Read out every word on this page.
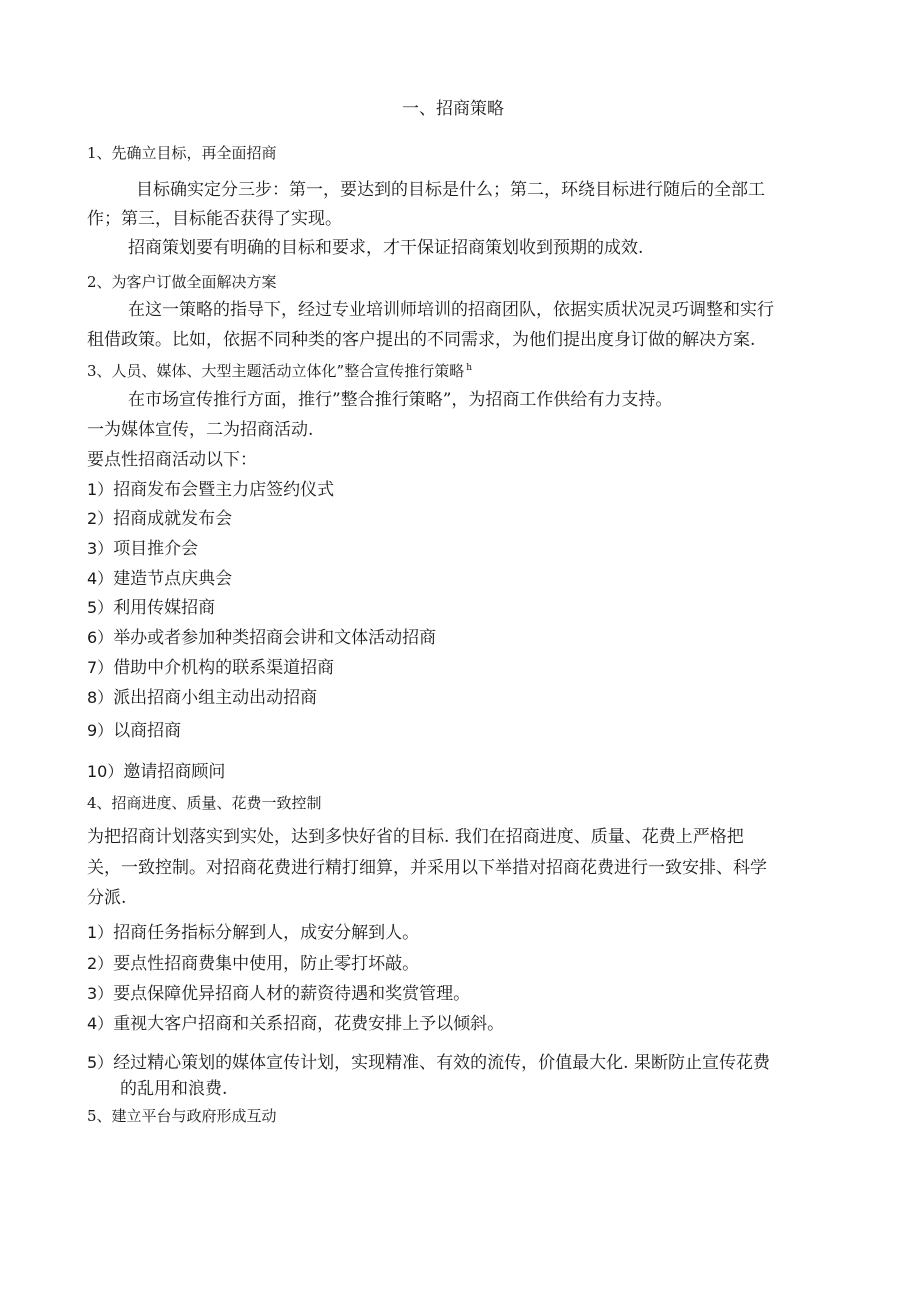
一、招商策略
1、先确立目标，再全面招商
目标确实定分三步：第一，要达到的目标是什么；第二，环绕目标进行随后的全部工
作；第三，目标能否获得了实现。
招商策划要有明确的目标和要求，才干保证招商策划收到预期的成效.
2、为客户订做全面解决方案
在这一策略的指导下，经过专业培训师培训的招商团队，依据实质状况灵巧调整和实行
租借政策。比如，依据不同种类的客户提出的不同需求，为他们提出度身订做的解决方案.
3、人员、媒体、大型主题活动立体化”整合宣传推行策略 $^h$
在市场宣传推行方面，推行”整合推行策略”，为招商工作供给有力支持。
一为媒体宣传，二为招商活动.
要点性招商活动以下：
1）招商发布会暨主力店签约仪式
2）招商成就发布会
3）项目推介会
4）建造节点庆典会
5）利用传媒招商
6）举办或者参加种类招商会讲和文体活动招商
7）借助中介机构的联系渠道招商
8）派出招商小组主动出动招商
9）以商招商
10）邀请招商顾问
4、招商进度、质量、花费一致控制
为把招商计划落实到实处，达到多快好省的目标. 我们在招商进度、质量、花费上严格把
关，一致控制。对招商花费进行精打细算，并采用以下举措对招商花费进行一致安排、科学
分派.
1）招商任务指标分解到人，成安分解到人。
2）要点性招商费集中使用，防止零打坏敲。
3）要点保障优异招商人材的薪资待遇和奖赏管理。
4）重视大客户招商和关系招商，花费安排上予以倾斜。
5）经过精心策划的媒体宣传计划，实现精准、有效的流传，价值最大化. 果断防止宣传花费
的乱用和浪费.
5、建立平台与政府形成互动
